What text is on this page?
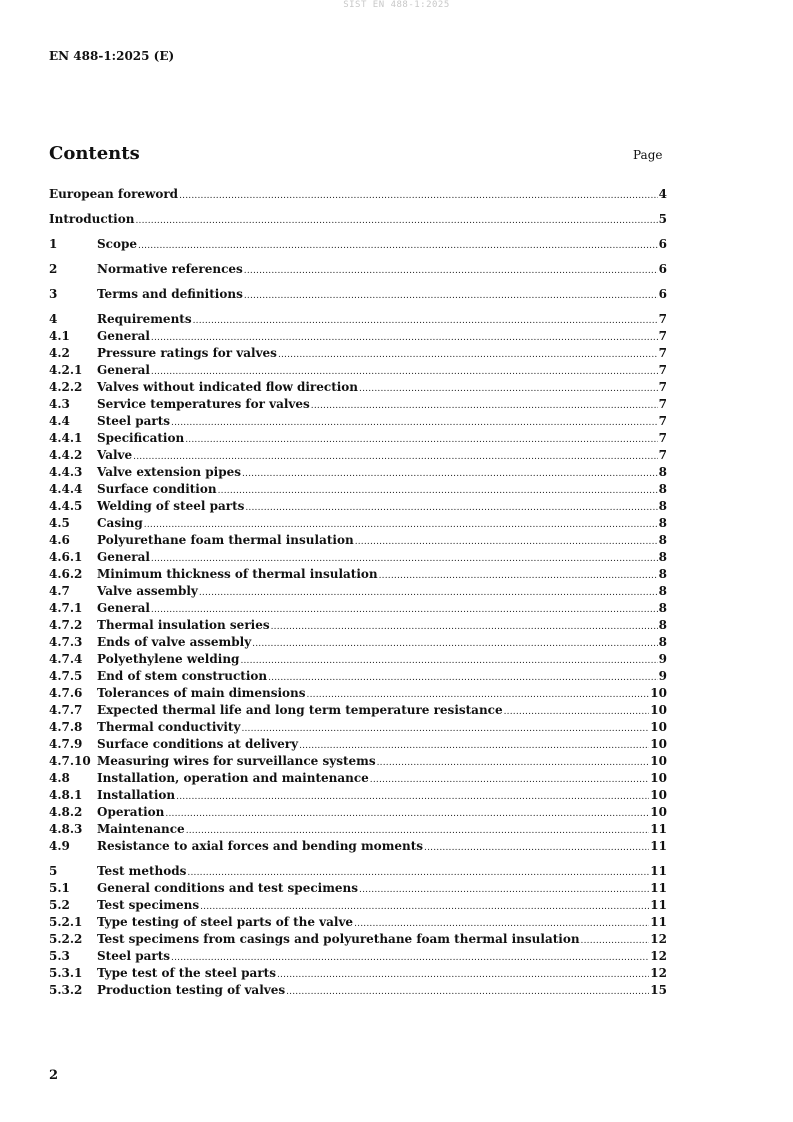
SIST EN 488-1:2025
EN 488-1:2025 (E)
Contents	Page
European foreword .....	4
Introduction .....	5
1	Scope .....	6
2	Normative references .....	6
3	Terms and definitions .....	6
4	Requirements .....	7
4.1	General .....	7
4.2	Pressure ratings for valves .....	7
4.2.1	General .....	7
4.2.2	Valves without indicated flow direction .....	7
4.3	Service temperatures for valves .....	7
4.4	Steel parts .....	7
4.4.1	Specification .....	7
4.4.2	Valve .....	7
4.4.3	Valve extension pipes .....	8
4.4.4	Surface condition .....	8
4.4.5	Welding of steel parts .....	8
4.5	Casing .....	8
4.6	Polyurethane foam thermal insulation .....	8
4.6.1	General .....	8
4.6.2	Minimum thickness of thermal insulation .....	8
4.7	Valve assembly .....	8
4.7.1	General .....	8
4.7.2	Thermal insulation series .....	8
4.7.3	Ends of valve assembly .....	8
4.7.4	Polyethylene welding .....	9
4.7.5	End of stem construction .....	9
4.7.6	Tolerances of main dimensions .....	10
4.7.7	Expected thermal life and long term temperature resistance .....	10
4.7.8	Thermal conductivity .....	10
4.7.9	Surface conditions at delivery .....	10
4.7.10 Measuring wires for surveillance systems .....	10
4.8	Installation, operation and maintenance .....	10
4.8.1	Installation .....	10
4.8.2	Operation .....	10
4.8.3	Maintenance .....	11
4.9	Resistance to axial forces and bending moments .....	11
5	Test methods .....	11
5.1	General conditions and test specimens .....	11
5.2	Test specimens .....	11
5.2.1	Type testing of steel parts of the valve .....	11
5.2.2	Test specimens from casings and polyurethane foam thermal insulation .....	12
5.3	Steel parts .....	12
5.3.1	Type test of the steel parts .....	12
5.3.2	Production testing of valves .....	15
2
